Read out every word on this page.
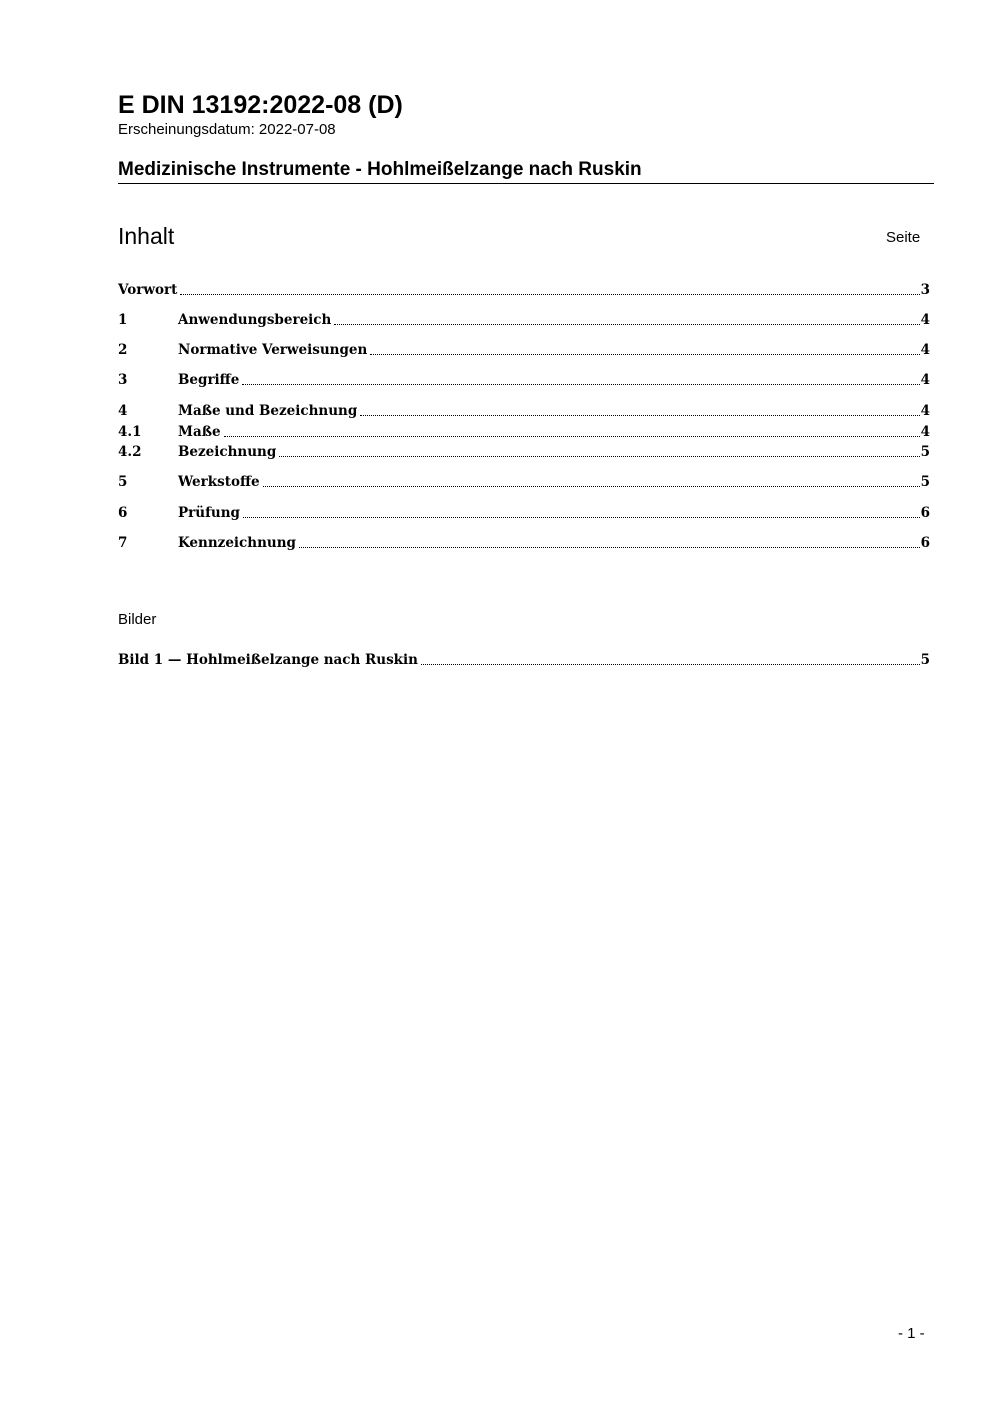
E DIN 13192:2022-08 (D)
Erscheinungsdatum: 2022-07-08
Medizinische Instrumente - Hohlmeißelzange nach Ruskin
Inhalt	Seite
Vorwort	3
1	Anwendungsbereich	4
2	Normative Verweisungen	4
3	Begriffe	4
4	Maße und Bezeichnung	4
4.1	Maße	4
4.2	Bezeichnung	5
5	Werkstoffe	5
6	Prüfung	6
7	Kennzeichnung	6
Bilder
Bild 1 — Hohlmeißelzange nach Ruskin	5
- 1 -
